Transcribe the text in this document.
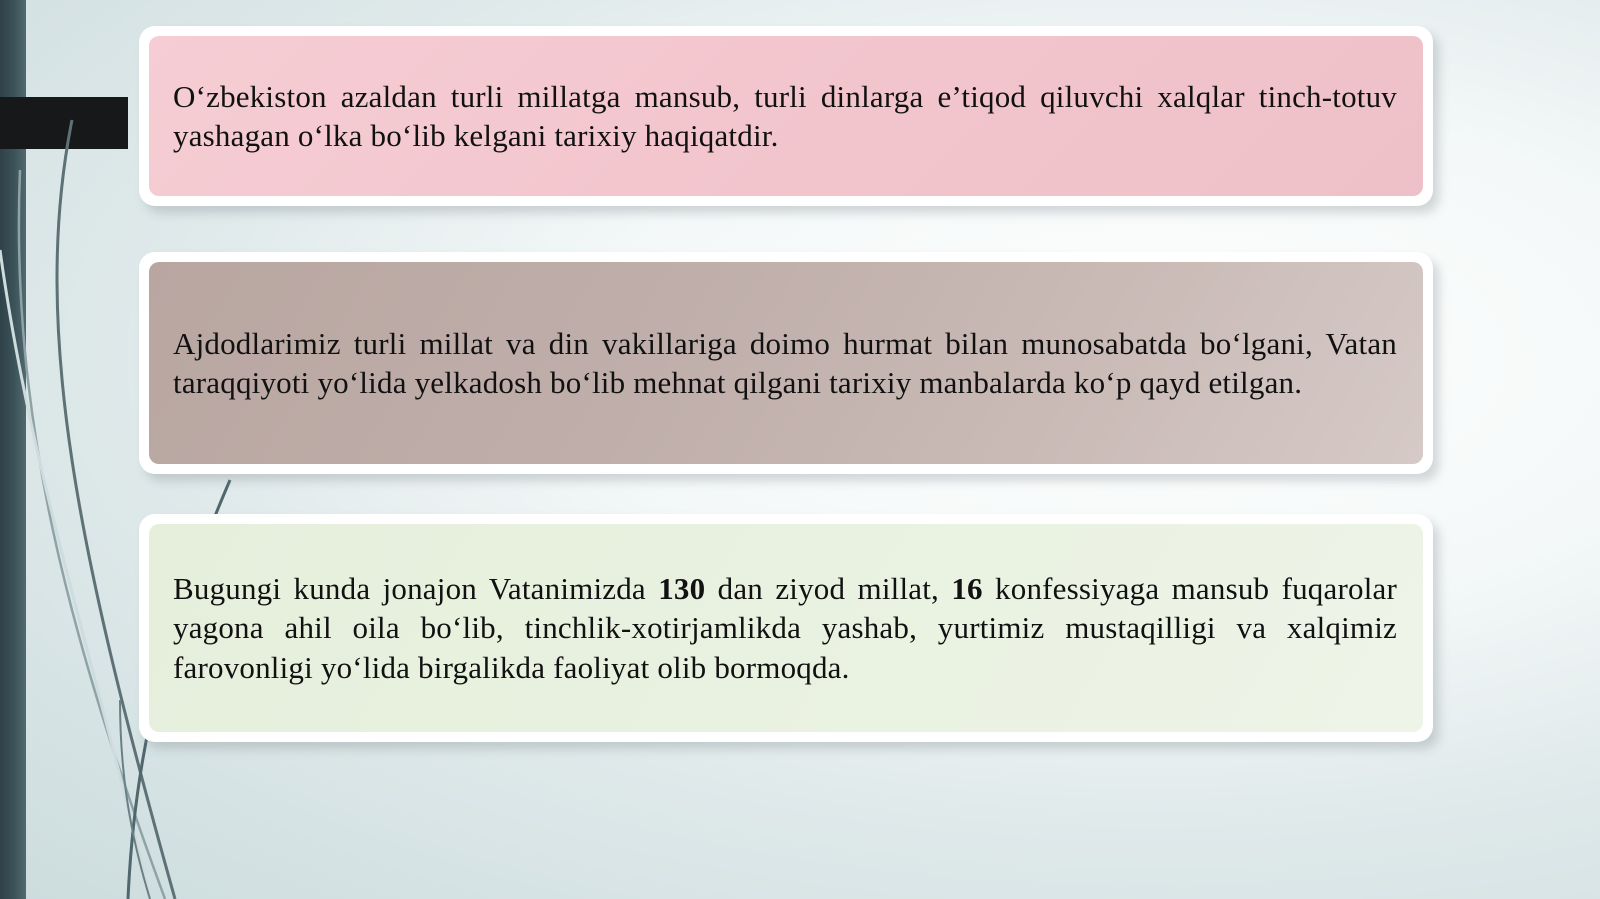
O‘zbekiston azaldan turli millatga mansub, turli dinlarga e’tiqod qiluvchi xalqlar tinch-totuv yashagan o‘lka bo‘lib kelgani tarixiy haqiqatdir.

Ajdodlarimiz turli millat va din vakillariga doimo hurmat bilan munosabatda bo‘lgani, Vatan taraqqiyoti yo‘lida yelkadosh bo‘lib mehnat qilgani tarixiy manbalarda ko‘p qayd etilgan.

Bugungi kunda jonajon Vatanimizda 130 dan ziyod millat, 16 konfessiyaga mansub fuqarolar yagona ahil oila bo‘lib, tinchlik-xotirjamlikda yashab, yurtimiz mustaqilligi va xalqimiz farovonligi yo‘lida birgalikda faoliyat olib bormoqda.
